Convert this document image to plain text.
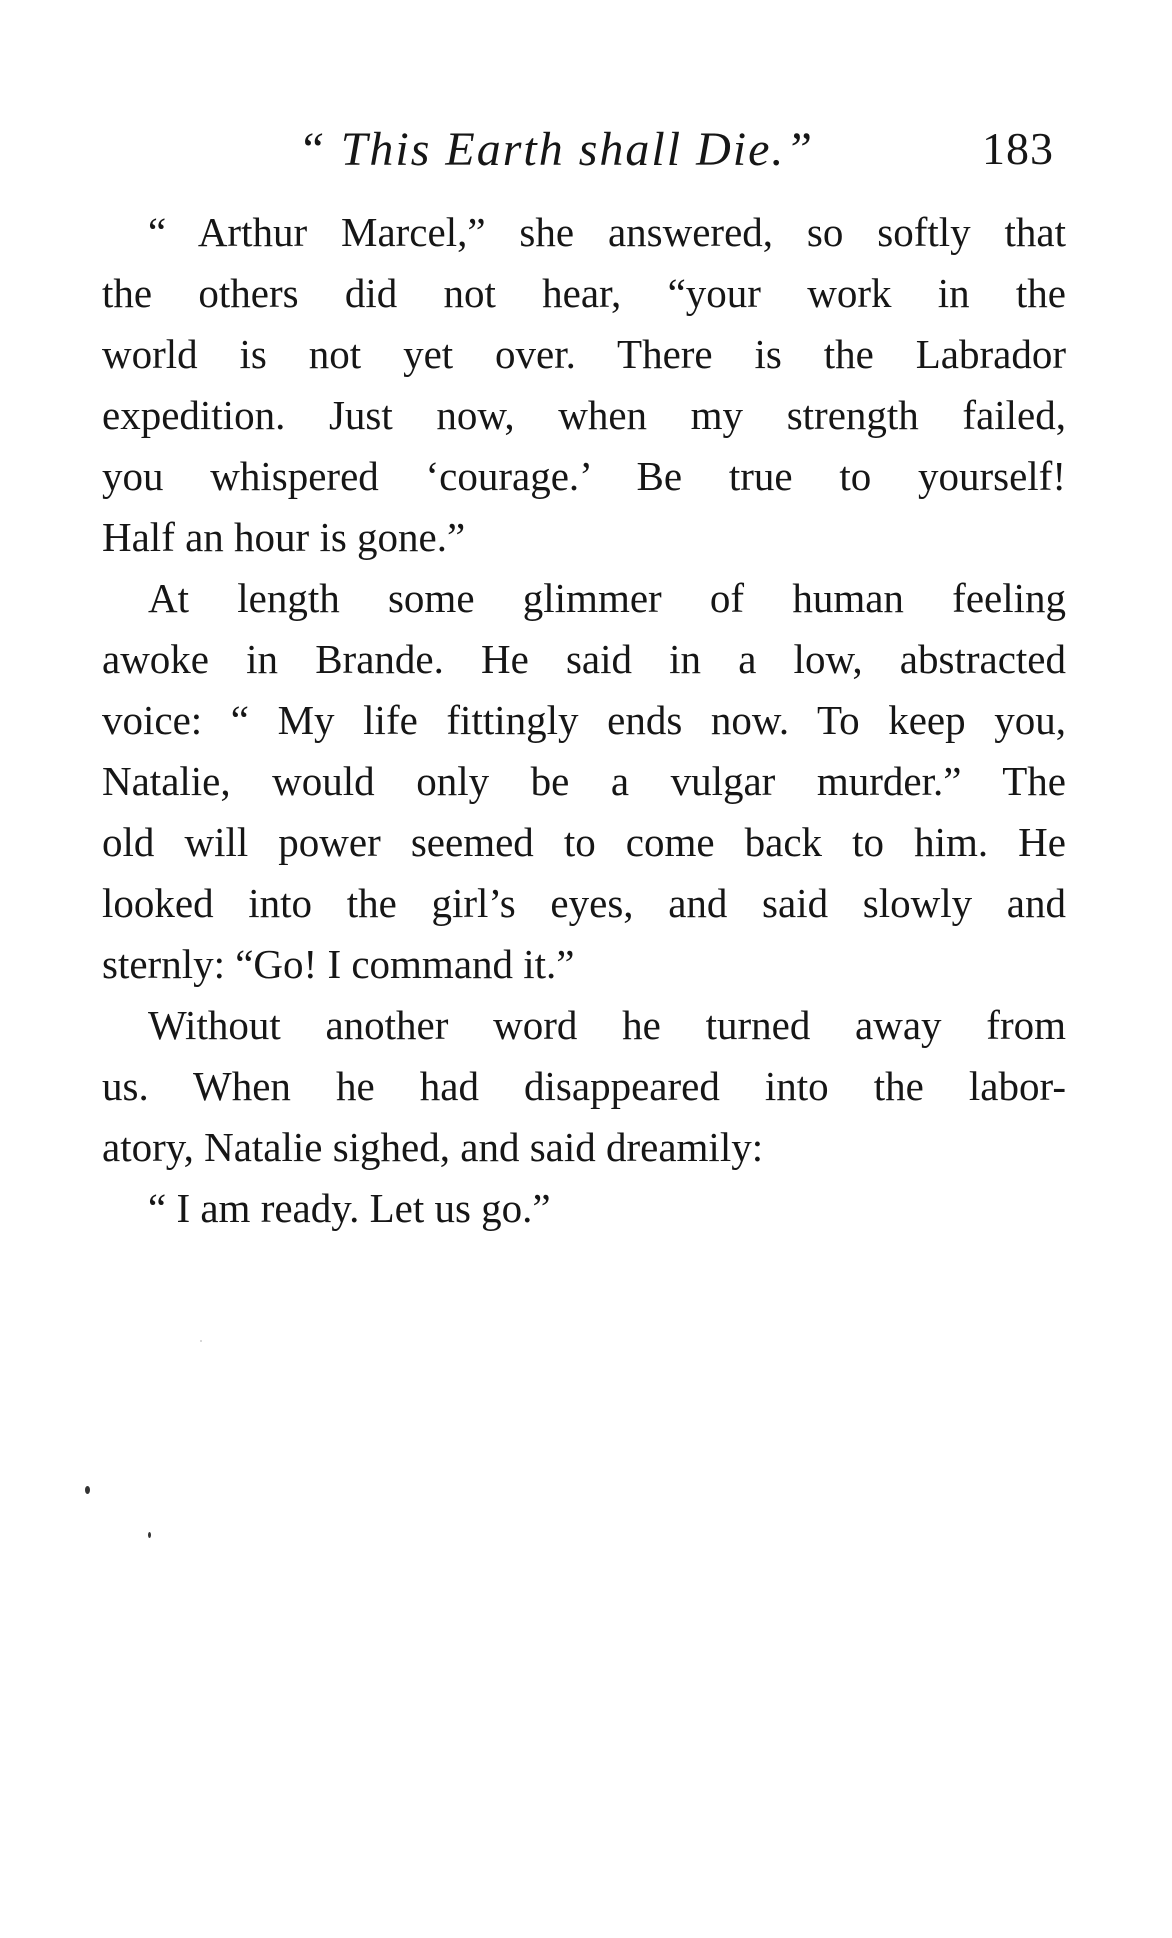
“ This Earth shall Die.”	183
“ Arthur Marcel,” she answered, so softly that
the others did not hear, “your work in the
world is not yet over. There is the Labrador
expedition. Just now, when my strength failed,
you whispered ‘courage.’ Be true to yourself!
Half an hour is gone.”
At length some glimmer of human feeling
awoke in Brande. He said in a low, abstracted
voice: “ My life fittingly ends now. To keep you,
Natalie, would only be a vulgar murder.” The
old will power seemed to come back to him. He
looked into the girl’s eyes, and said slowly and
sternly: “Go! I command it.”
Without another word he turned away from
us. When he had disappeared into the labor-
atory, Natalie sighed, and said dreamily:
“ I am ready. Let us go.”
